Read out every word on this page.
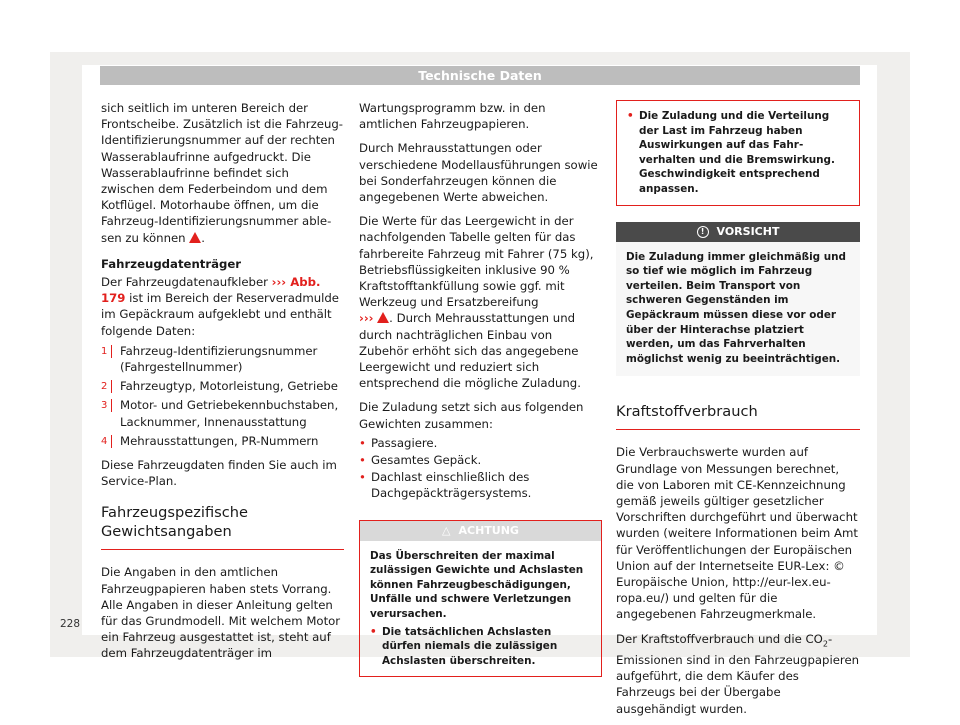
Technische Daten

sich seitlich im unteren Bereich der Frontscheibe. Zusätzlich ist die Fahrzeug-Identifizierungsnummer auf der rechten Wasserablaufrinne aufgedruckt. Die Wasserablaufrinne befindet sich zwischen dem Federbeindom und dem Kotflügel. Motorhaube öffnen, um die Fahrzeug-Identifizierungsnummer ablesen zu können .

Fahrzeugdatenträger

Der Fahrzeugdatenaufkleber ››› Abb. 179 ist im Bereich der Reserveradmulde im Gepäckraum aufgeklebt und enthält folgende Daten:

1	Fahrzeug-Identifizierungsnummer (Fahrgestellnummer)
2	Fahrzeugtyp, Motorleistung, Getriebe
3	Motor- und Getriebekennbuchstaben, Lacknummer, Innenausstattung
4	Mehrausstattungen, PR-Nummern

Diese Fahrzeugdaten finden Sie auch im Service-Plan.

Fahrzeugspezifische Gewichtsangaben

Die Angaben in den amtlichen Fahrzeugpapieren haben stets Vorrang. Alle Angaben in dieser Anleitung gelten für das Grundmodell. Mit welchem Motor ein Fahrzeug ausgestattet ist, steht auf dem Fahrzeugdatenträger im

Wartungsprogramm bzw. in den amtlichen Fahrzeugpapieren.

Durch Mehrausstattungen oder verschiedene Modellausführungen sowie bei Sonderfahrzeugen können die angegebenen Werte abweichen.

Die Werte für das Leergewicht in der nachfolgenden Tabelle gelten für das fahrbereite Fahrzeug mit Fahrer (75 kg), Betriebsflüssigkeiten inklusive 90 % Kraftstofftankfüllung sowie ggf. mit Werkzeug und Ersatzbereifung
››› . Durch Mehrausstattungen und durch nachträglichen Einbau von Zubehör erhöht sich das angegebene Leergewicht und reduziert sich entsprechend die mögliche Zuladung.

Die Zuladung setzt sich aus folgenden Gewichten zusammen:

• Passagiere.
• Gesamtes Gepäck.
• Dachlast einschließlich des Dachgepäckträgersystems.
△ ACHTUNG

Das Überschreiten der maximal zulässigen Gewichte und Achslasten können Fahrzeugbeschädigungen, Unfälle und schwere Verletzungen verursachen.

• Die tatsächlichen Achslasten dürfen niemals die zulässigen Achslasten überschreiten.
• Die Zuladung und die Verteilung der Last im Fahrzeug haben Auswirkungen auf das Fahrverhalten und die Bremswirkung. Geschwindigkeit entsprechend anpassen.
! VORSICHT

Die Zuladung immer gleichmäßig und so tief wie möglich im Fahrzeug verteilen. Beim Transport von schweren Gegenständen im Gepäckraum müssen diese vor oder über der Hinterachse platziert werden, um das Fahrverhalten möglichst wenig zu beeinträchtigen.

Kraftstoffverbrauch

Die Verbrauchswerte wurden auf Grundlage von Messungen berechnet, die von Laboren mit CE-Kennzeichnung gemäß jeweils gültiger gesetzlicher Vorschriften durchgeführt und überwacht wurden (weitere Informationen beim Amt für Veröffentlichungen der Europäischen Union auf der Internetseite EUR-Lex: © Europäische Union, http://eur-lex.europa.eu/) und gelten für die angegebenen Fahrzeugmerkmale.

Der Kraftstoffverbrauch und die $CO_2$-Emissionen sind in den Fahrzeugpapieren aufgeführt, die dem Käufer des Fahrzeugs bei der Übergabe ausgehändigt wurden.

228
